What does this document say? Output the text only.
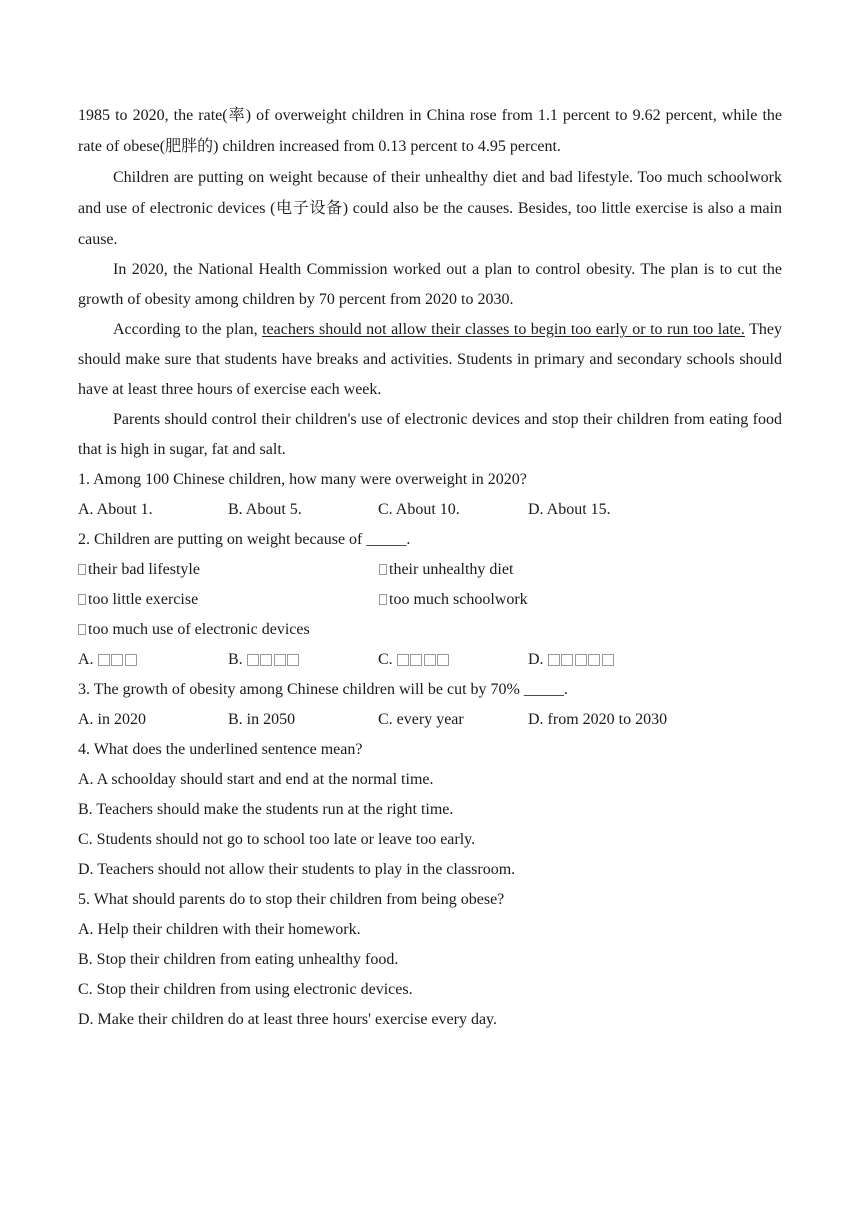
1985 to 2020, the rate(率) of overweight children in China rose from 1.1 percent to 9.62 percent, while the rate of obese(肥胖的) children increased from 0.13 percent to 4.95 percent.

Children are putting on weight because of their unhealthy diet and bad lifestyle. Too much schoolwork and use of electronic devices (电子设备) could also be the causes. Besides, too little exercise is also a main cause.

In 2020, the National Health Commission worked out a plan to control obesity. The plan is to cut the growth of obesity among children by 70 percent from 2020 to 2030.

According to the plan, teachers should not allow their classes to begin too early or to run too late. They should make sure that students have breaks and activities. Students in primary and secondary schools should have at least three hours of exercise each week.

Parents should control their children's use of electronic devices and stop their children from eating food that is high in sugar, fat and salt.

1. Among 100 Chinese children, how many were overweight in 2020?
A. About 1.	B. About 5.	C. About 10.	D. About 15.
2. Children are putting on weight because of _____.
their bad lifestyle	their unhealthy diet
too little exercise	too much schoolwork
too much use of electronic devices
A.	B.	C.	D.
3. The growth of obesity among Chinese children will be cut by 70% _____.
A. in 2020	B. in 2050	C. every year	D. from 2020 to 2030
4. What does the underlined sentence mean?
A. A schoolday should start and end at the normal time.
B. Teachers should make the students run at the right time.
C. Students should not go to school too late or leave too early.
D. Teachers should not allow their students to play in the classroom.
5. What should parents do to stop their children from being obese?
A. Help their children with their homework.
B. Stop their children from eating unhealthy food.
C. Stop their children from using electronic devices.
D. Make their children do at least three hours' exercise every day.
